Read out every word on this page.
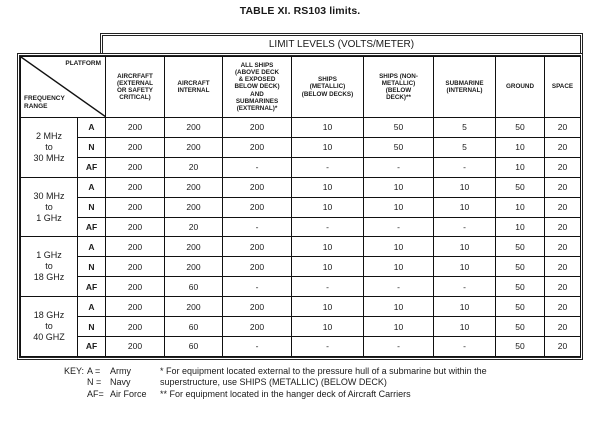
TABLE XI. RS103 limits.
LIMIT LEVELS (VOLTS/METER)
PLATFORM
FREQUENCY
RANGE
	AIRCRFAFT
(EXTERNAL
OR SAFETY
CRITICAL)	AIRCRAFT
INTERNAL	ALL SHIPS
(ABOVE DECK
& EXPOSED
BELOW DECK)
AND
SUBMARINES
(EXTERNAL)*	SHIPS
(METALLIC)
(BELOW DECKS)	SHIPS (NON-
METALLIC)
(BELOW
DECK)**	SUBMARINE
(INTERNAL)	GROUND	SPACE
2 MHz
to
30 MHz	A	200	200	200	10	50	5	50	20
	N	200	200	200	10	50	5	10	20
	AF	200	20	-	-	-	-	10	20
30 MHz
to
1 GHz	A	200	200	200	10	10	10	50	20
	N	200	200	200	10	10	10	10	20
	AF	200	20	-	-	-	-	10	20
1 GHz
to
18 GHz	A	200	200	200	10	10	10	50	20
	N	200	200	200	10	10	10	50	20
	AF	200	60	-	-	-	-	50	20
18 GHz
to
40 GHZ	A	200	200	200	10	10	10	50	20
	N	200	60	200	10	10	10	50	20
	AF	200	60	-	-	-	-	50	20
KEY: A =	Army
N = Navy
AF= Air Force
* For equipment located external to the pressure hull of a submarine but within the
superstructure, use SHIPS (METALLIC) (BELOW DECK)
** For equipment located in the hanger deck of Aircraft Carriers
